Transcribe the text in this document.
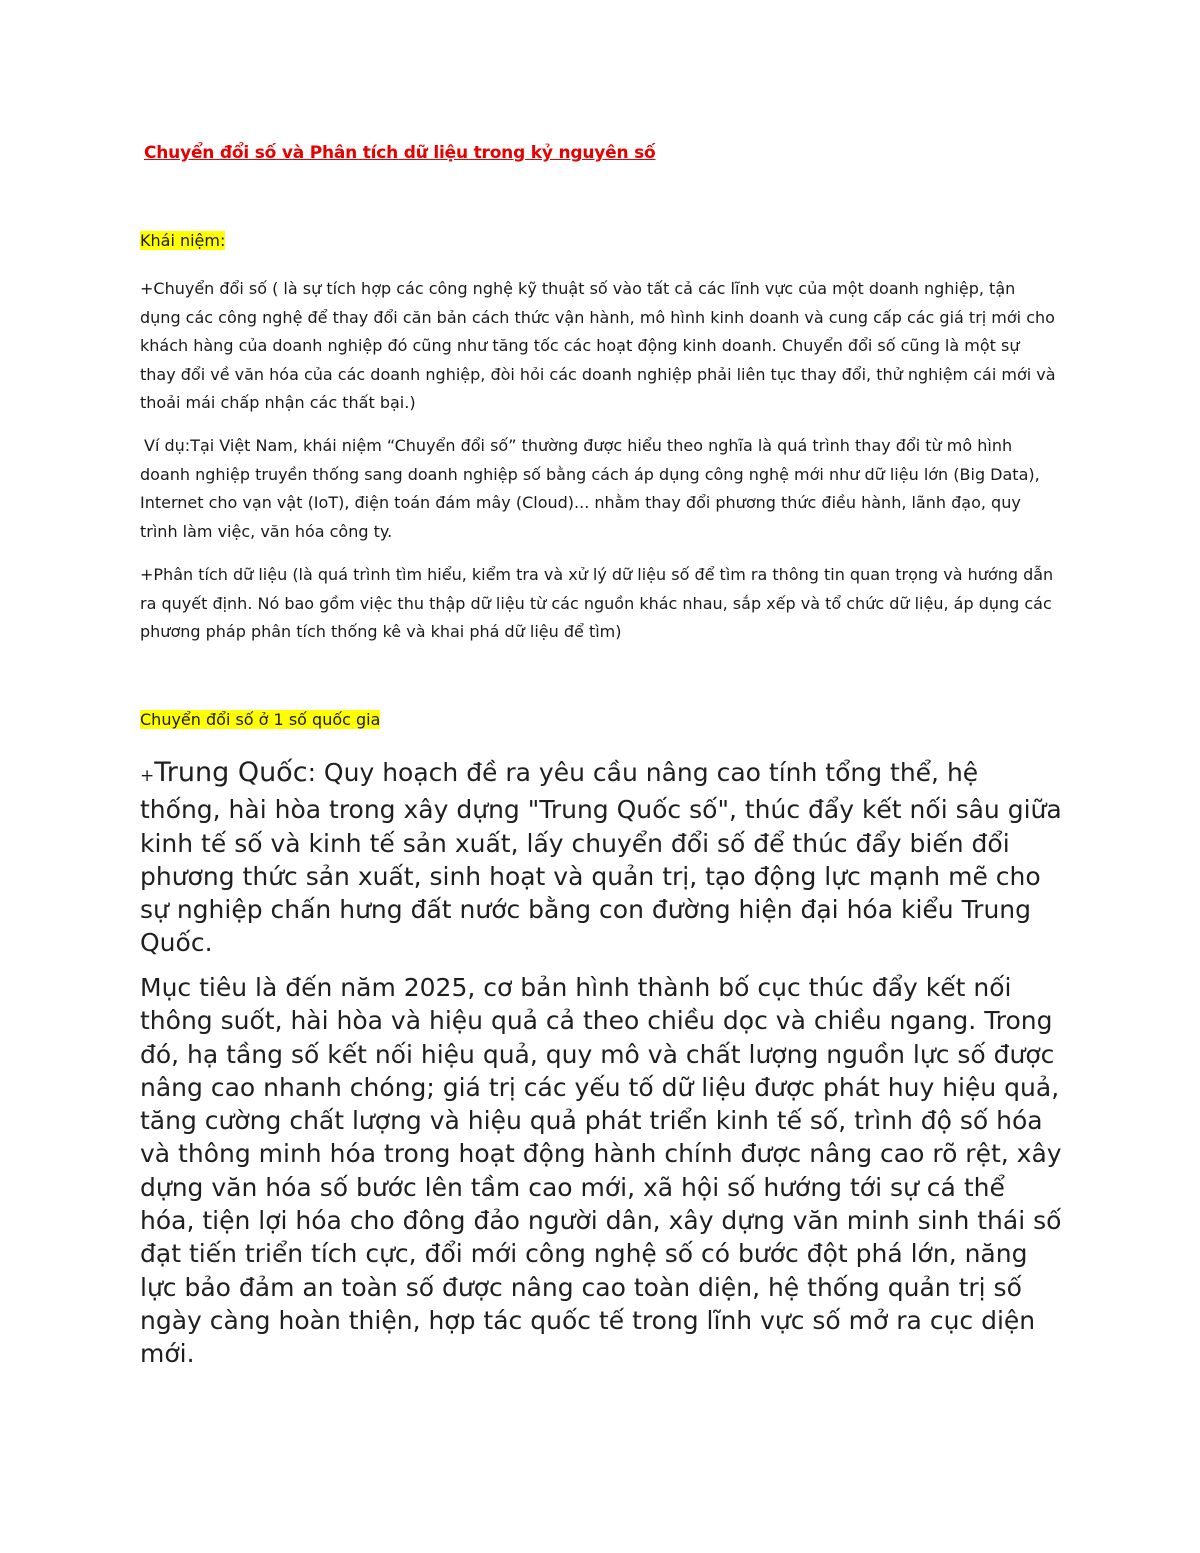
Chuyển đổi số và Phân tích dữ liệu trong kỷ nguyên số
Khái niệm:

+Chuyển đổi số ( là sự tích hợp các công nghệ kỹ thuật số vào tất cả các lĩnh vực của một doanh nghiệp, tận dụng các công nghệ để thay đổi căn bản cách thức vận hành, mô hình kinh doanh và cung cấp các giá trị mới cho khách hàng của doanh nghiệp đó cũng như tăng tốc các hoạt động kinh doanh. Chuyển đổi số cũng là một sự thay đổi về văn hóa của các doanh nghiệp, đòi hỏi các doanh nghiệp phải liên tục thay đổi, thử nghiệm cái mới và thoải mái chấp nhận các thất bại.)

Ví dụ:Tại Việt Nam, khái niệm “Chuyển đổi số” thường được hiểu theo nghĩa là quá trình thay đổi từ mô hình doanh nghiệp truyền thống sang doanh nghiệp số bằng cách áp dụng công nghệ mới như dữ liệu lớn (Big Data), Internet cho vạn vật (IoT), điện toán đám mây (Cloud)... nhằm thay đổi phương thức điều hành, lãnh đạo, quy trình làm việc, văn hóa công ty.

+Phân tích dữ liệu (là quá trình tìm hiểu, kiểm tra và xử lý dữ liệu số để tìm ra thông tin quan trọng và hướng dẫn ra quyết định. Nó bao gồm việc thu thập dữ liệu từ các nguồn khác nhau, sắp xếp và tổ chức dữ liệu, áp dụng các phương pháp phân tích thống kê và khai phá dữ liệu để tìm)

Chuyển đổi số ở 1 số quốc gia

+Trung Quốc: Quy hoạch đề ra yêu cầu nâng cao tính tổng thể, hệ thống, hài hòa trong xây dựng "Trung Quốc số", thúc đẩy kết nối sâu giữa kinh tế số và kinh tế sản xuất, lấy chuyển đổi số để thúc đẩy biến đổi phương thức sản xuất, sinh hoạt và quản trị, tạo động lực mạnh mẽ cho sự nghiệp chấn hưng đất nước bằng con đường hiện đại hóa kiểu Trung Quốc.

Mục tiêu là đến năm 2025, cơ bản hình thành bố cục thúc đẩy kết nối thông suốt, hài hòa và hiệu quả cả theo chiều dọc và chiều ngang. Trong đó, hạ tầng số kết nối hiệu quả, quy mô và chất lượng nguồn lực số được nâng cao nhanh chóng; giá trị các yếu tố dữ liệu được phát huy hiệu quả, tăng cường chất lượng và hiệu quả phát triển kinh tế số, trình độ số hóa và thông minh hóa trong hoạt động hành chính được nâng cao rõ rệt, xây dựng văn hóa số bước lên tầm cao mới, xã hội số hướng tới sự cá thể hóa, tiện lợi hóa cho đông đảo người dân, xây dựng văn minh sinh thái số đạt tiến triển tích cực, đổi mới công nghệ số có bước đột phá lớn, năng lực bảo đảm an toàn số được nâng cao toàn diện, hệ thống quản trị số ngày càng hoàn thiện, hợp tác quốc tế trong lĩnh vực số mở ra cục diện mới.
